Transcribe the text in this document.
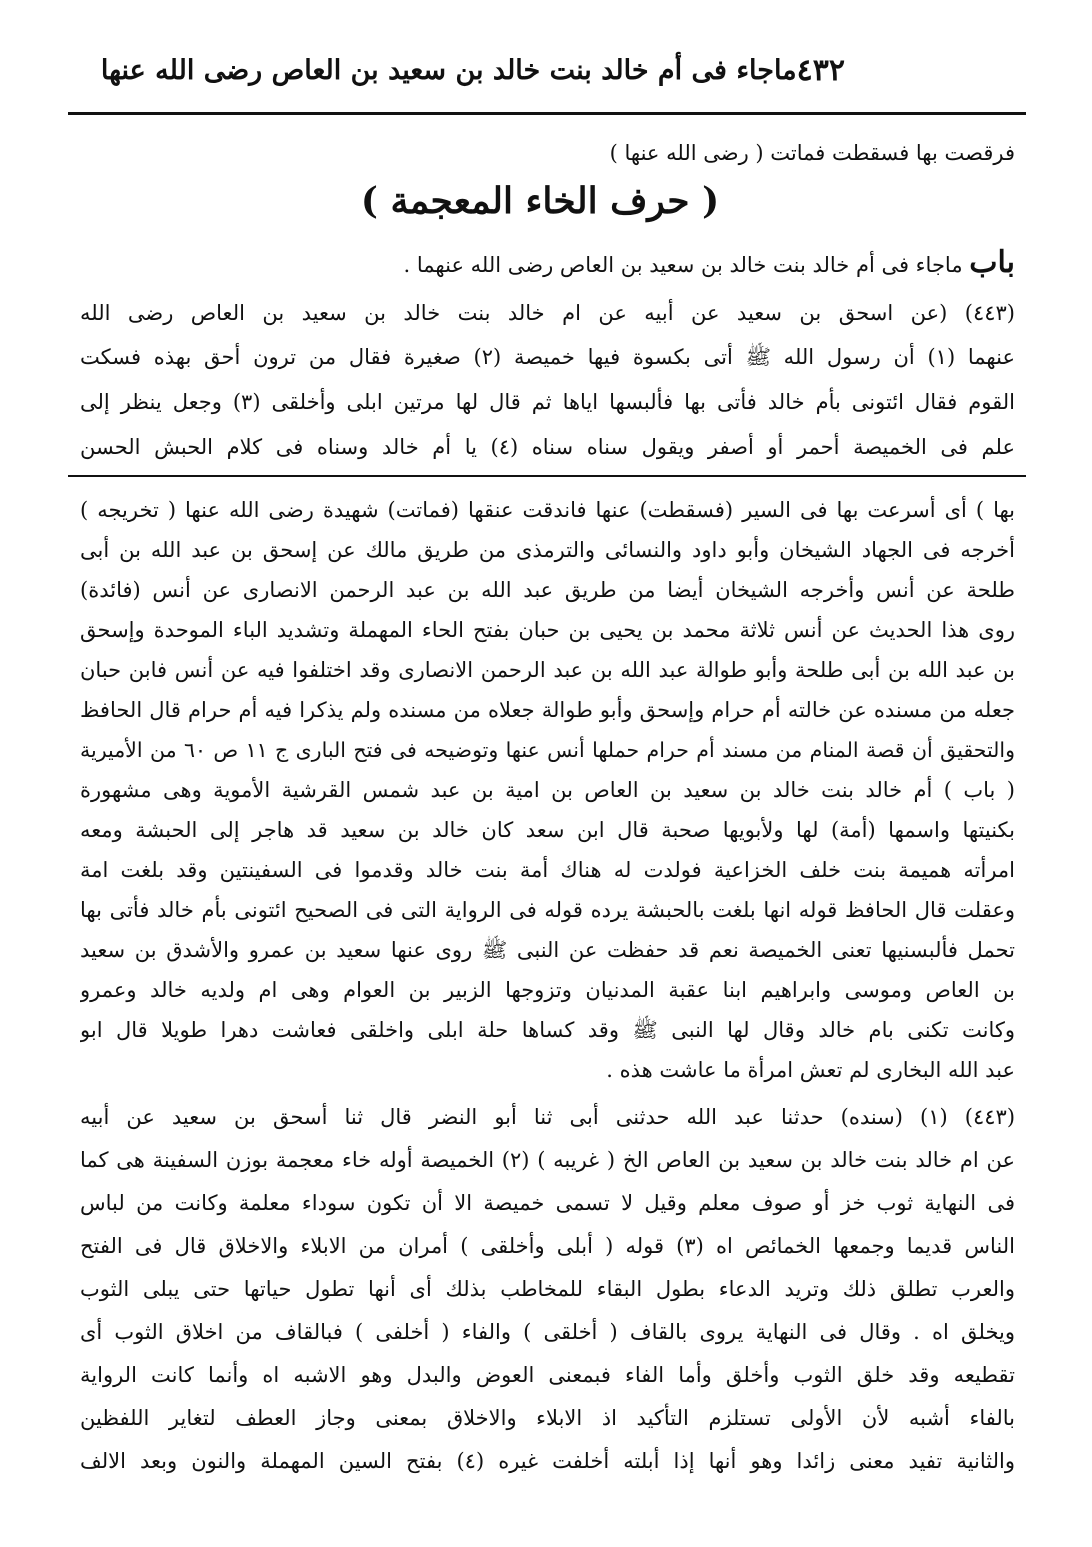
٤٣٢
ماجاء فى أم خالد بنت خالد بن سعيد بن العاص رضى الله عنها
فرقصت بها فسقطت فماتت ( رضى الله عنها )
( حرف الخاء المعجمة )
باب ماجاء فى أم خالد بنت خالد بن سعيد بن العاص رضى الله عنهما .
(٤٤٣) (عن اسحق بن سعيد عن أبيه عن ام خالد بنت خالد بن سعيد بن العاص رضى الله
عنهما (١) أن رسول الله ﷺ أتى بكسوة فيها خميصة (٢) صغيرة فقال من ترون أحق بهذه فسكت
القوم فقال ائتونى بأم خالد فأتى بها فألبسها اياها ثم قال لها مرتين ابلى وأخلقى (٣) وجعل ينظر إلى
علم فى الخميصة أحمر أو أصفر ويقول سناه سناه (٤) يا أم خالد وسناه فى كلام الحبش الحسن
بها ) أى أسرعت بها فى السير (فسقطت) عنها فاندقت عنقها (فماتت) شهيدة رضى الله عنها ( تخريجه )
أخرجه فى الجهاد الشيخان وأبو داود والنسائى والترمذى من طريق مالك عن إسحق بن عبد الله بن أبى
طلحة عن أنس وأخرجه الشيخان أيضا من طريق عبد الله بن عبد الرحمن الانصارى عن أنس (فائدة)
روى هذا الحديث عن أنس ثلاثة محمد بن يحيى بن حبان بفتح الحاء المهملة وتشديد الباء الموحدة وإسحق
بن عبد الله بن أبى طلحة وأبو طوالة عبد الله بن عبد الرحمن الانصارى وقد اختلفوا فيه عن أنس فابن حبان
جعله من مسنده عن خالته أم حرام وإسحق وأبو طوالة جعلاه من مسنده ولم يذكرا فيه أم حرام قال الحافظ
والتحقيق أن قصة المنام من مسند أم حرام حملها أنس عنها وتوضيحه فى فتح البارى ج ١١ ص ٦٠ من الأميرية
( باب ) أم خالد بنت خالد بن سعيد بن العاص بن امية بن عبد شمس القرشية الأموية وهى مشهورة
بكنيتها واسمها (أمة) لها ولأبويها صحبة قال ابن سعد كان خالد بن سعيد قد هاجر إلى الحبشة ومعه
امرأته هميمة بنت خلف الخزاعية فولدت له هناك أمة بنت خالد وقدموا فى السفينتين وقد بلغت امة
وعقلت قال الحافظ قوله انها بلغت بالحبشة يرده قوله فى الرواية التى فى الصحيح ائتونى بأم خالد فأتى بها
تحمل فألبسنيها تعنى الخميصة نعم قد حفظت عن النبى ﷺ روى عنها سعيد بن عمرو والأشدق بن سعيد
بن العاص وموسى وابراهيم ابنا عقبة المدنيان وتزوجها الزبير بن العوام وهى ام ولديه خالد وعمرو
وكانت تكنى بام خالد وقال لها النبى ﷺ وقد كساها حلة ابلى واخلقى فعاشت دهرا طويلا قال ابو
عبد الله البخارى لم تعش امرأة ما عاشت هذه .
(٤٤٣) (١) (سنده) حدثنا عبد الله حدثنى أبى ثنا أبو النضر قال ثنا أسحق بن سعيد عن أبيه
عن ام خالد بنت خالد بن سعيد بن العاص الخ ( غريبه ) (٢) الخميصة أوله خاء معجمة بوزن السفينة هى كما
فى النهاية ثوب خز أو صوف معلم وقيل لا تسمى خميصة الا أن تكون سوداء معلمة وكانت من لباس
الناس قديما وجمعها الخمائص اه (٣) قوله ( أبلى وأخلقى ) أمران من الابلاء والاخلاق قال فى الفتح
والعرب تطلق ذلك وتريد الدعاء بطول البقاء للمخاطب بذلك أى أنها تطول حياتها حتى يبلى الثوب
ويخلق اه . وقال فى النهاية يروى بالقاف ( أخلقى ) والفاء ( أخلفى ) فبالقاف من اخلاق الثوب أى
تقطيعه وقد خلق الثوب وأخلق وأما الفاء فبمعنى العوض والبدل وهو الاشبه اه وأنما كانت الرواية
بالفاء أشبه لأن الأولى تستلزم التأكيد اذ الابلاء والاخلاق بمعنى وجاز العطف لتغاير اللفظين
والثانية تفيد معنى زائدا وهو أنها إذا أبلته أخلفت غيره (٤) بفتح السين المهملة والنون وبعد الالف
